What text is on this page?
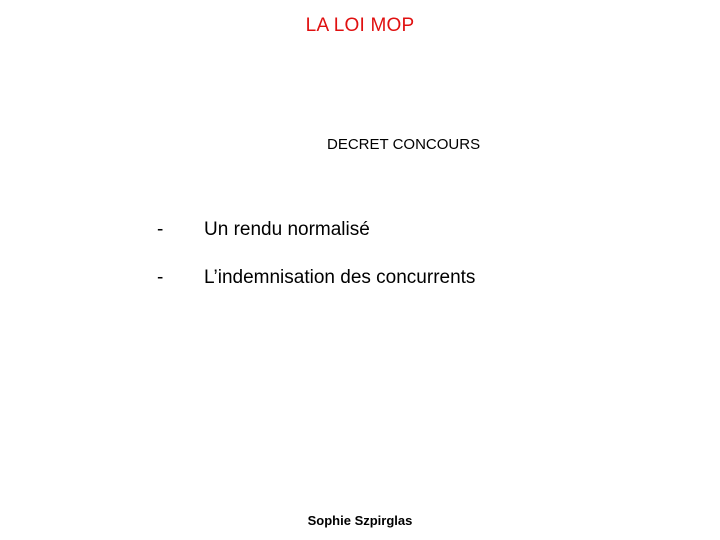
LA LOI MOP
DECRET CONCOURS
- Un rendu normalisé
- L’indemnisation des concurrents
Sophie Szpirglas
